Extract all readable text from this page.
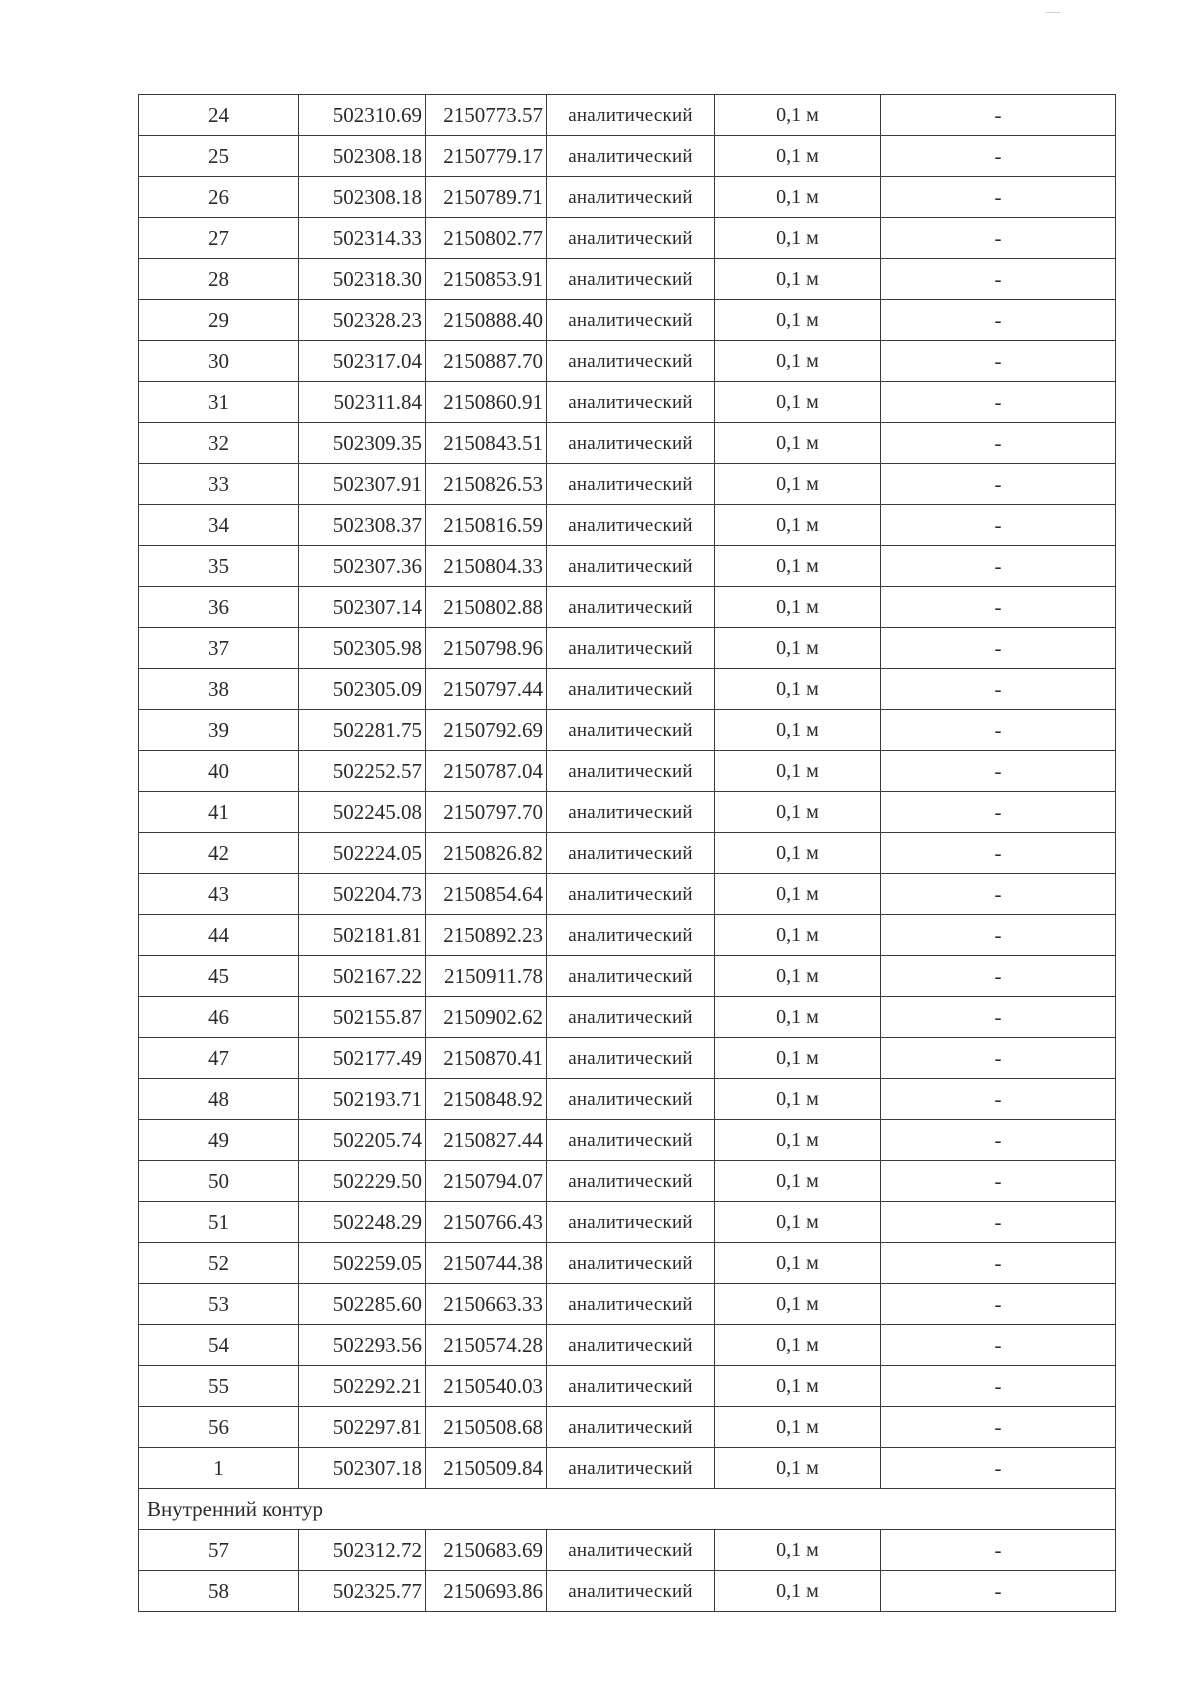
24	502310.69	2150773.57	аналитический	0,1 м	-
25	502308.18	2150779.17	аналитический	0,1 м	-
26	502308.18	2150789.71	аналитический	0,1 м	-
27	502314.33	2150802.77	аналитический	0,1 м	-
28	502318.30	2150853.91	аналитический	0,1 м	-
29	502328.23	2150888.40	аналитический	0,1 м	-
30	502317.04	2150887.70	аналитический	0,1 м	-
31	502311.84	2150860.91	аналитический	0,1 м	-
32	502309.35	2150843.51	аналитический	0,1 м	-
33	502307.91	2150826.53	аналитический	0,1 м	-
34	502308.37	2150816.59	аналитический	0,1 м	-
35	502307.36	2150804.33	аналитический	0,1 м	-
36	502307.14	2150802.88	аналитический	0,1 м	-
37	502305.98	2150798.96	аналитический	0,1 м	-
38	502305.09	2150797.44	аналитический	0,1 м	-
39	502281.75	2150792.69	аналитический	0,1 м	-
40	502252.57	2150787.04	аналитический	0,1 м	-
41	502245.08	2150797.70	аналитический	0,1 м	-
42	502224.05	2150826.82	аналитический	0,1 м	-
43	502204.73	2150854.64	аналитический	0,1 м	-
44	502181.81	2150892.23	аналитический	0,1 м	-
45	502167.22	2150911.78	аналитический	0,1 м	-
46	502155.87	2150902.62	аналитический	0,1 м	-
47	502177.49	2150870.41	аналитический	0,1 м	-
48	502193.71	2150848.92	аналитический	0,1 м	-
49	502205.74	2150827.44	аналитический	0,1 м	-
50	502229.50	2150794.07	аналитический	0,1 м	-
51	502248.29	2150766.43	аналитический	0,1 м	-
52	502259.05	2150744.38	аналитический	0,1 м	-
53	502285.60	2150663.33	аналитический	0,1 м	-
54	502293.56	2150574.28	аналитический	0,1 м	-
55	502292.21	2150540.03	аналитический	0,1 м	-
56	502297.81	2150508.68	аналитический	0,1 м	-
1	502307.18	2150509.84	аналитический	0,1 м	-
Внутренний контур					
57	502312.72	2150683.69	аналитический	0,1 м	-
58	502325.77	2150693.86	аналитический	0,1 м	-
